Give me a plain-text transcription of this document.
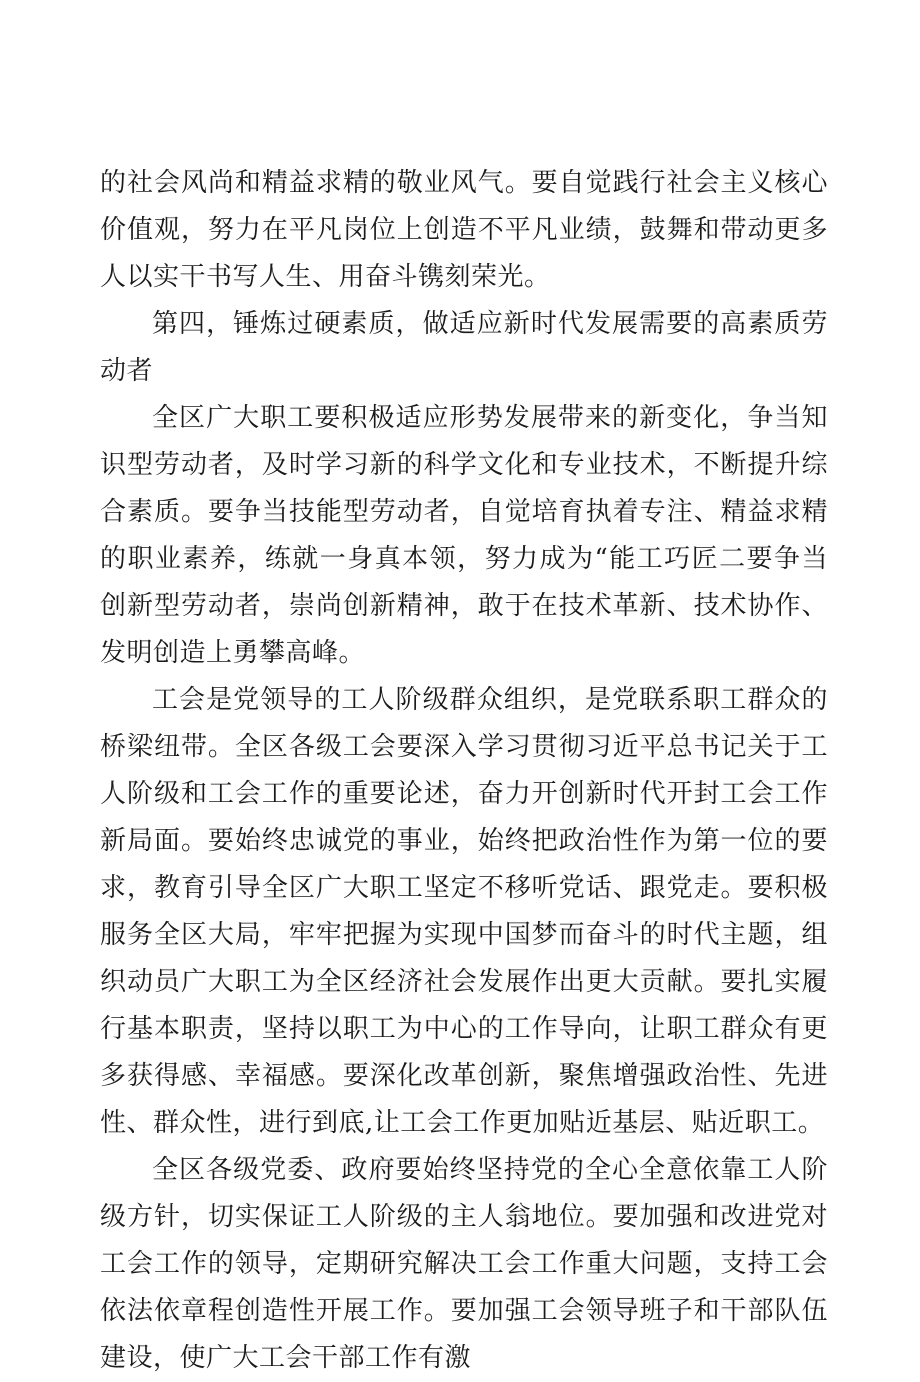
的社会风尚和精益求精的敬业风气。要自觉践行社会主义核心价值观，努力在平凡岗位上创造不平凡业绩，鼓舞和带动更多人以实干书写人生、用奋斗镌刻荣光。

第四，锤炼过硬素质，做适应新时代发展需要的高素质劳动者

全区广大职工要积极适应形势发展带来的新变化，争当知识型劳动者，及时学习新的科学文化和专业技术，不断提升综合素质。要争当技能型劳动者，自觉培育执着专注、精益求精的职业素养，练就一身真本领，努力成为“能工巧匠二要争当创新型劳动者，崇尚创新精神，敢于在技术革新、技术协作、发明创造上勇攀高峰。

工会是党领导的工人阶级群众组织，是党联系职工群众的桥梁纽带。全区各级工会要深入学习贯彻习近平总书记关于工人阶级和工会工作的重要论述，奋力开创新时代开封工会工作新局面。要始终忠诚党的事业，始终把政治性作为第一位的要求，教育引导全区广大职工坚定不移听党话、跟党走。要积极服务全区大局，牢牢把握为实现中国梦而奋斗的时代主题，组织动员广大职工为全区经济社会发展作出更大贡献。要扎实履行基本职责，坚持以职工为中心的工作导向，让职工群众有更多获得感、幸福感。要深化改革创新，聚焦增强政治性、先进性、群众性，进行到底,让工会工作更加贴近基层、贴近职工。

全区各级党委、政府要始终坚持党的全心全意依靠工人阶级方针，切实保证工人阶级的主人翁地位。要加强和改进党对工会工作的领导，定期研究解决工会工作重大问题，支持工会依法依章程创造性开展工作。要加强工会领导班子和干部队伍建设，使广大工会干部工作有激
